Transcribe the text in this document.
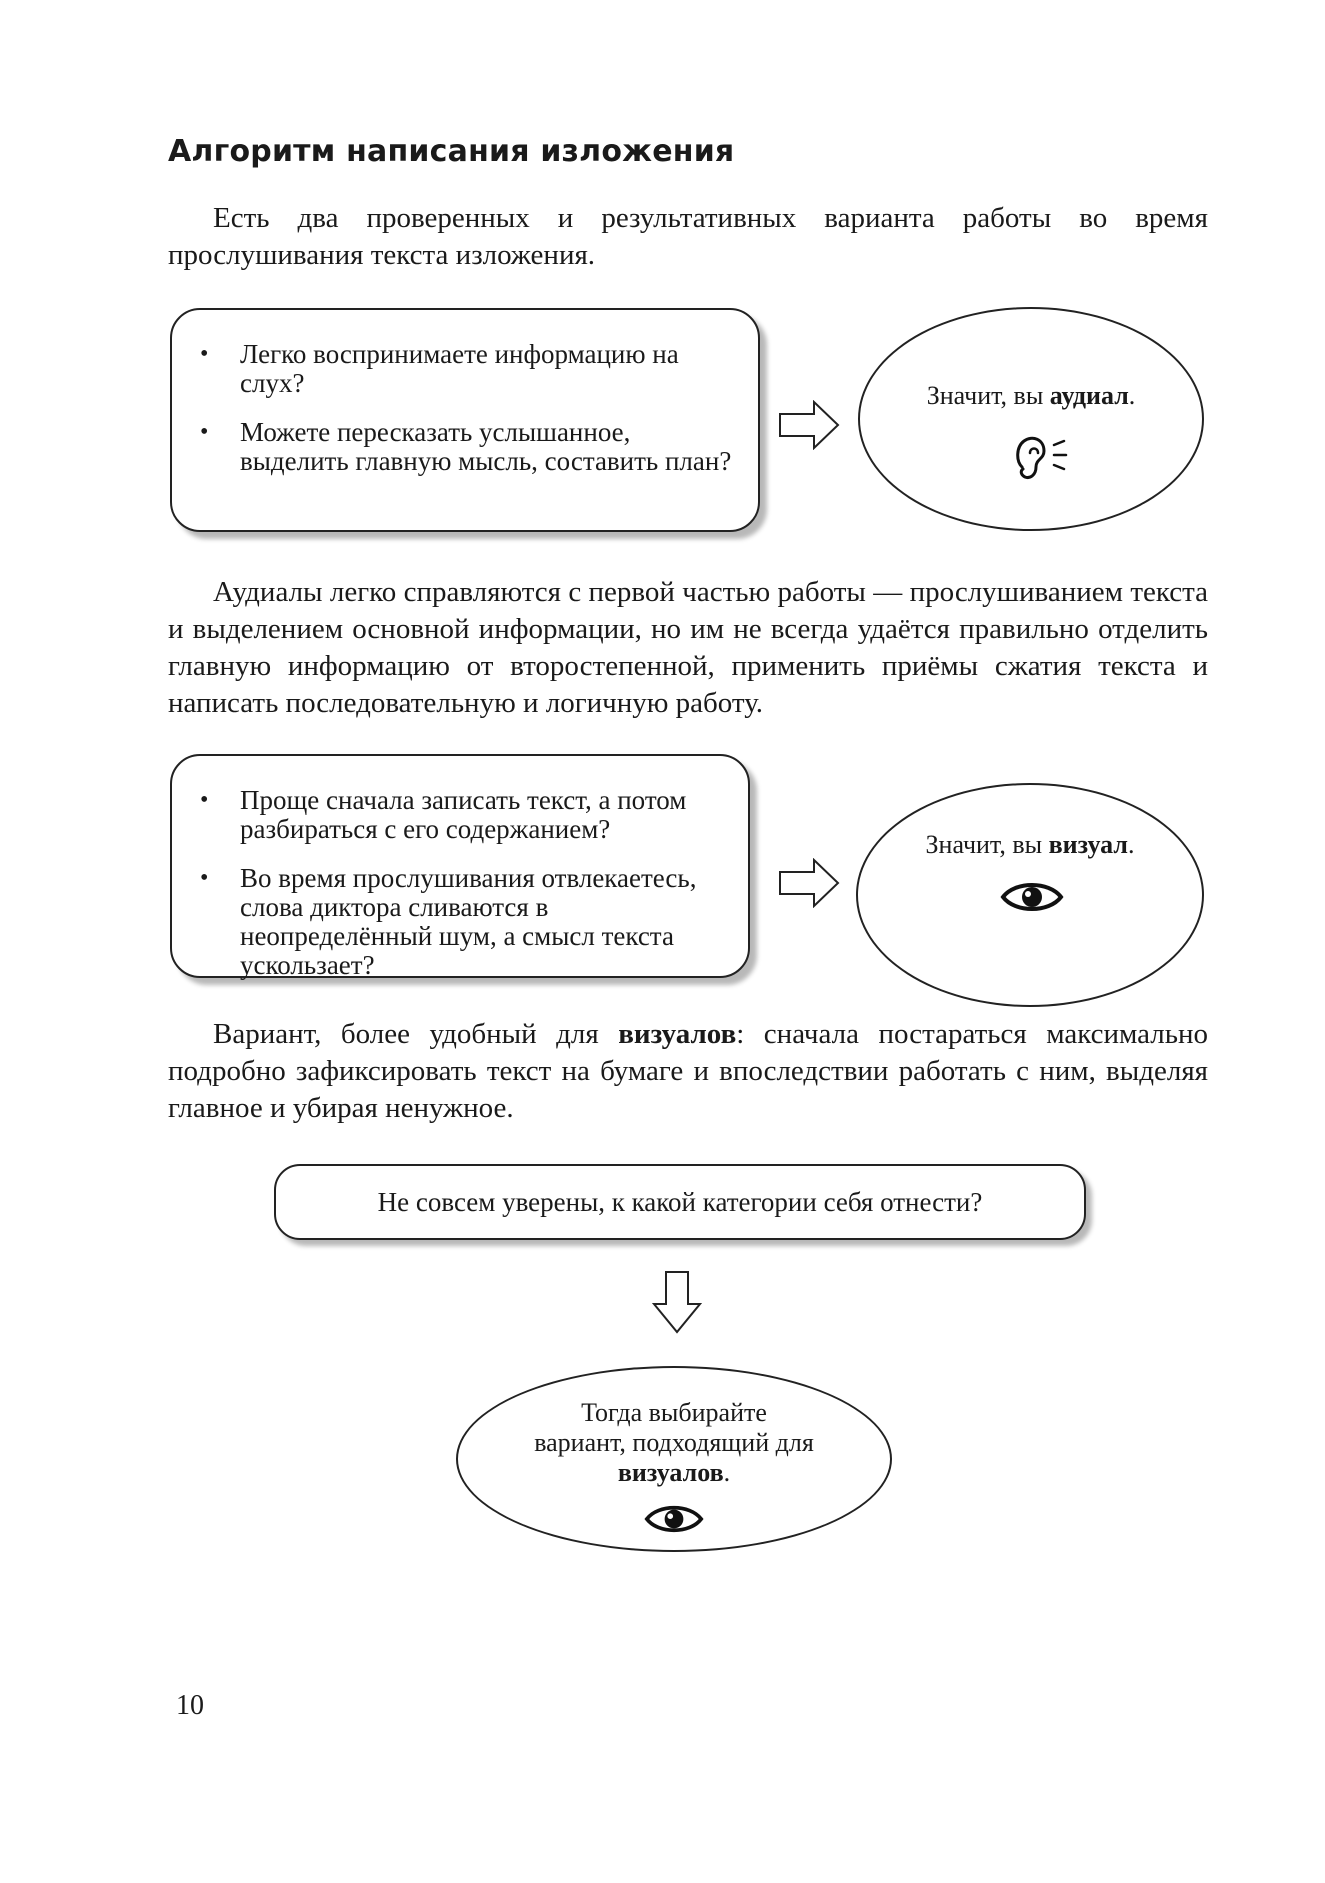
Алгоритм написания изложения
Есть два проверенных и результативных варианта работы во время прослушивания текста изложения.
• Легко воспринимаете информацию на слух?
• Можете пересказать услышанное, выделить главную мысль, составить план?
Значит, вы аудиал.
Аудиалы легко справляются с первой частью работы — прослушиванием текста и выделением основной информации, но им не всегда удаётся правильно отделить главную информацию от второстепенной, применить приёмы сжатия текста и написать последовательную и логичную работу.
• Проще сначала записать текст, а потом разбираться с его содержанием?
• Во время прослушивания отвлекаетесь, слова диктора сливаются в неопределённый шум, а смысл текста ускользает?
Значит, вы визуал.
Вариант, более удобный для визуалов: сначала постараться максимально подробно зафиксировать текст на бумаге и впоследствии работать с ним, выделяя главное и убирая ненужное.
Не совсем уверены, к какой категории себя отнести?
Тогда выбирайте
вариант, подходящий для
визуалов.
10
